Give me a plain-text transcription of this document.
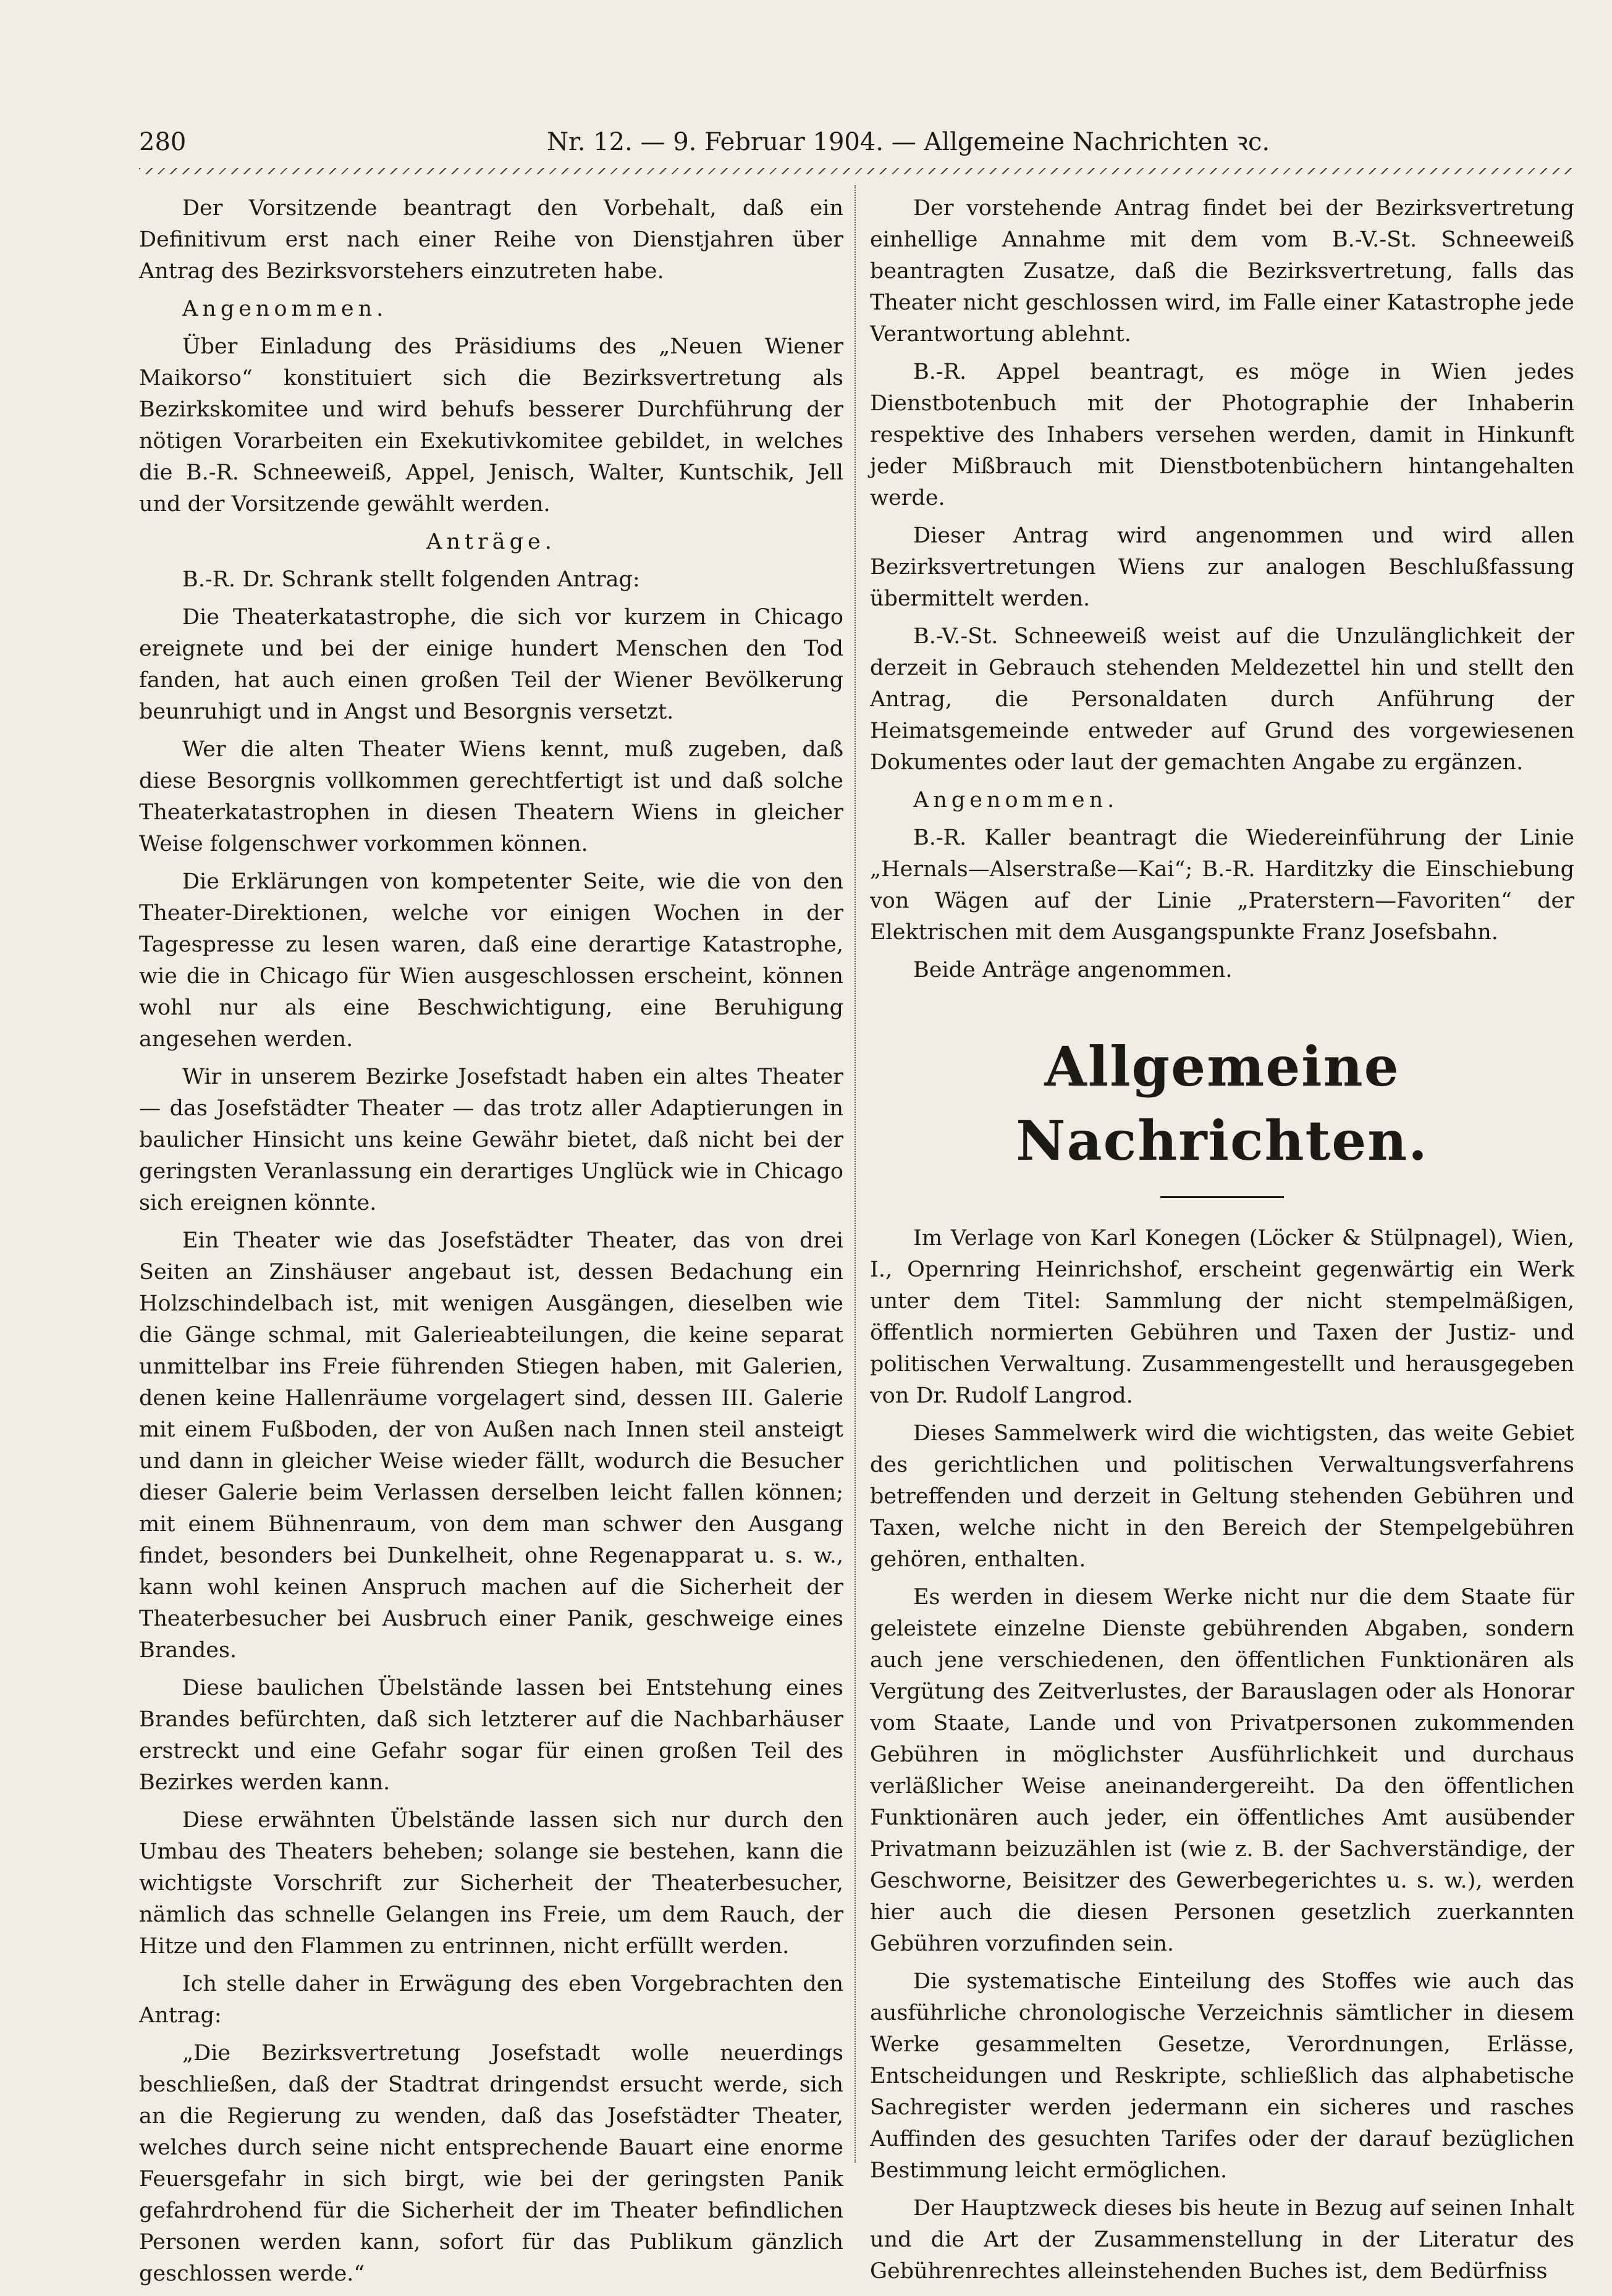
280	Nr. 12. — 9. Februar 1904. — Allgemeine Nachrichten ꝛc.

Der Vorsitzende beantragt den Vorbehalt, daß ein Definitivum erst nach einer Reihe von Dienstjahren über Antrag des Bezirksvorstehers einzutreten habe.

Angenommen.

Über Einladung des Präsidiums des „Neuen Wiener Maikorso“ konstituiert sich die Bezirksvertretung als Bezirkskomitee und wird behufs besserer Durchführung der nötigen Vorarbeiten ein Exekutivkomitee gebildet, in welches die B.-R. Schneeweiß, Appel, Jenisch, Walter, Kuntschik, Jell und der Vorsitzende gewählt werden.

Anträge.

B.-R. Dr. Schrank stellt folgenden Antrag:

Die Theaterkatastrophe, die sich vor kurzem in Chicago ereignete und bei der einige hundert Menschen den Tod fanden, hat auch einen großen Teil der Wiener Bevölkerung beunruhigt und in Angst und Besorgnis versetzt.

Wer die alten Theater Wiens kennt, muß zugeben, daß diese Besorgnis vollkommen gerechtfertigt ist und daß solche Theaterkatastrophen in diesen Theatern Wiens in gleicher Weise folgenschwer vorkommen können.

Die Erklärungen von kompetenter Seite, wie die von den Theater-Direktionen, welche vor einigen Wochen in der Tagespresse zu lesen waren, daß eine derartige Katastrophe, wie die in Chicago für Wien ausgeschlossen erscheint, können wohl nur als eine Beschwichtigung, eine Beruhigung angesehen werden.

Wir in unserem Bezirke Josefstadt haben ein altes Theater — das Josefstädter Theater — das trotz aller Adaptierungen in baulicher Hinsicht uns keine Gewähr bietet, daß nicht bei der geringsten Veranlassung ein derartiges Unglück wie in Chicago sich ereignen könnte.

Ein Theater wie das Josefstädter Theater, das von drei Seiten an Zinshäuser angebaut ist, dessen Bedachung ein Holzschindelbach ist, mit wenigen Ausgängen, dieselben wie die Gänge schmal, mit Galerieabteilungen, die keine separat unmittelbar ins Freie führenden Stiegen haben, mit Galerien, denen keine Hallenräume vorgelagert sind, dessen III. Galerie mit einem Fußboden, der von Außen nach Innen steil ansteigt und dann in gleicher Weise wieder fällt, wodurch die Besucher dieser Galerie beim Verlassen derselben leicht fallen können; mit einem Bühnenraum, von dem man schwer den Ausgang findet, besonders bei Dunkelheit, ohne Regenapparat u. s. w., kann wohl keinen Anspruch machen auf die Sicherheit der Theaterbesucher bei Ausbruch einer Panik, geschweige eines Brandes.

Diese baulichen Übelstände lassen bei Entstehung eines Brandes befürchten, daß sich letzterer auf die Nachbarhäuser erstreckt und eine Gefahr sogar für einen großen Teil des Bezirkes werden kann.

Diese erwähnten Übelstände lassen sich nur durch den Umbau des Theaters beheben; solange sie bestehen, kann die wichtigste Vorschrift zur Sicherheit der Theaterbesucher, nämlich das schnelle Gelangen ins Freie, um dem Rauch, der Hitze und den Flammen zu entrinnen, nicht erfüllt werden.

Ich stelle daher in Erwägung des eben Vorgebrachten den Antrag:

„Die Bezirksvertretung Josefstadt wolle neuerdings beschließen, daß der Stadtrat dringendst ersucht werde, sich an die Regierung zu wenden, daß das Josefstädter Theater, welches durch seine nicht entsprechende Bauart eine enorme Feuersgefahr in sich birgt, wie bei der geringsten Panik gefahrdrohend für die Sicherheit der im Theater befindlichen Personen werden kann, sofort für das Publikum gänzlich geschlossen werde.“

Der vorstehende Antrag findet bei der Bezirksvertretung einhellige Annahme mit dem vom B.-V.-St. Schneeweiß beantragten Zusatze, daß die Bezirksvertretung, falls das Theater nicht geschlossen wird, im Falle einer Katastrophe jede Verantwortung ablehnt.

B.-R. Appel beantragt, es möge in Wien jedes Dienstbotenbuch mit der Photographie der Inhaberin respektive des Inhabers versehen werden, damit in Hinkunft jeder Mißbrauch mit Dienstbotenbüchern hintangehalten werde.

Dieser Antrag wird angenommen und wird allen Bezirksvertretungen Wiens zur analogen Beschlußfassung übermittelt werden.

B.-V.-St. Schneeweiß weist auf die Unzulänglichkeit der derzeit in Gebrauch stehenden Meldezettel hin und stellt den Antrag, die Personaldaten durch Anführung der Heimatsgemeinde entweder auf Grund des vorgewiesenen Dokumentes oder laut der gemachten Angabe zu ergänzen.

Angenommen.

B.-R. Kaller beantragt die Wiedereinführung der Linie „Hernals—Alserstraße—Kai“; B.-R. Harditzky die Einschiebung von Wägen auf der Linie „Praterstern—Favoriten“ der Elektrischen mit dem Ausgangspunkte Franz Josefsbahn.

Beide Anträge angenommen.

Allgemeine Nachrichten.

Im Verlage von Karl Konegen (Löcker & Stülpnagel), Wien, I., Opernring Heinrichshof, erscheint gegenwärtig ein Werk unter dem Titel: Sammlung der nicht stempelmäßigen, öffentlich normierten Gebühren und Taxen der Justiz- und politischen Verwaltung. Zusammengestellt und herausgegeben von Dr. Rudolf Langrod.

Dieses Sammelwerk wird die wichtigsten, das weite Gebiet des gerichtlichen und politischen Verwaltungsverfahrens betreffenden und derzeit in Geltung stehenden Gebühren und Taxen, welche nicht in den Bereich der Stempelgebühren gehören, enthalten.

Es werden in diesem Werke nicht nur die dem Staate für geleistete einzelne Dienste gebührenden Abgaben, sondern auch jene verschiedenen, den öffentlichen Funktionären als Vergütung des Zeitverlustes, der Barauslagen oder als Honorar vom Staate, Lande und von Privatpersonen zukommenden Gebühren in möglichster Ausführlichkeit und durchaus verläßlicher Weise aneinandergereiht. Da den öffentlichen Funktionären auch jeder, ein öffentliches Amt ausübender Privatmann beizuzählen ist (wie z. B. der Sachverständige, der Geschworne, Beisitzer des Gewerbegerichtes u. s. w.), werden hier auch die diesen Personen gesetzlich zuerkannten Gebühren vorzufinden sein.

Die systematische Einteilung des Stoffes wie auch das ausführliche chronologische Verzeichnis sämtlicher in diesem Werke gesammelten Gesetze, Verordnungen, Erlässe, Entscheidungen und Reskripte, schließlich das alphabetische Sachregister werden jedermann ein sicheres und rasches Auffinden des gesuchten Tarifes oder der darauf bezüglichen Bestimmung leicht ermöglichen.

Der Hauptzweck dieses bis heute in Bezug auf seinen Inhalt und die Art der Zusammenstellung in der Literatur des Gebührenrechtes alleinstehenden Buches ist, dem Bedürfniss
